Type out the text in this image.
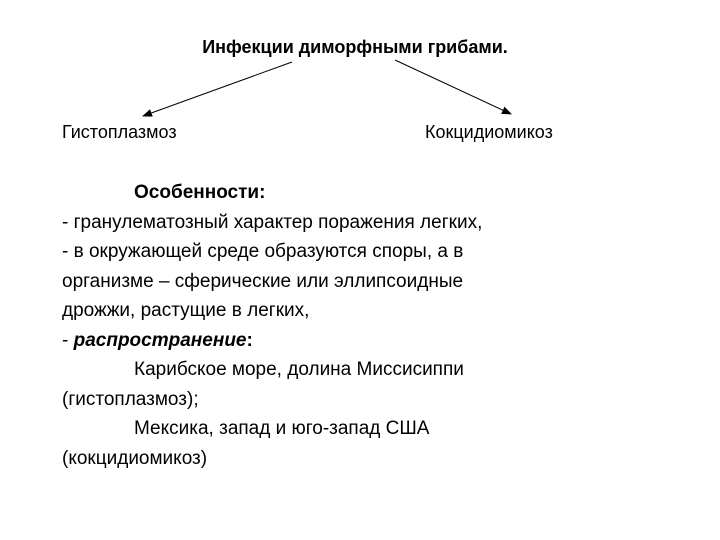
Инфекции диморфными грибами.
Гистоплазмоз	Кокцидиомикоз
Особенности:
- гранулематозный характер поражения легких,
- в окружающей среде образуются споры, а в
организме – сферические или эллипсоидные
дрожжи, растущие в легких,
- распространение:
Карибское море, долина Миссисиппи
(гистоплазмоз);
Мексика, запад и юго-запад США
(кокцидиомикоз)
